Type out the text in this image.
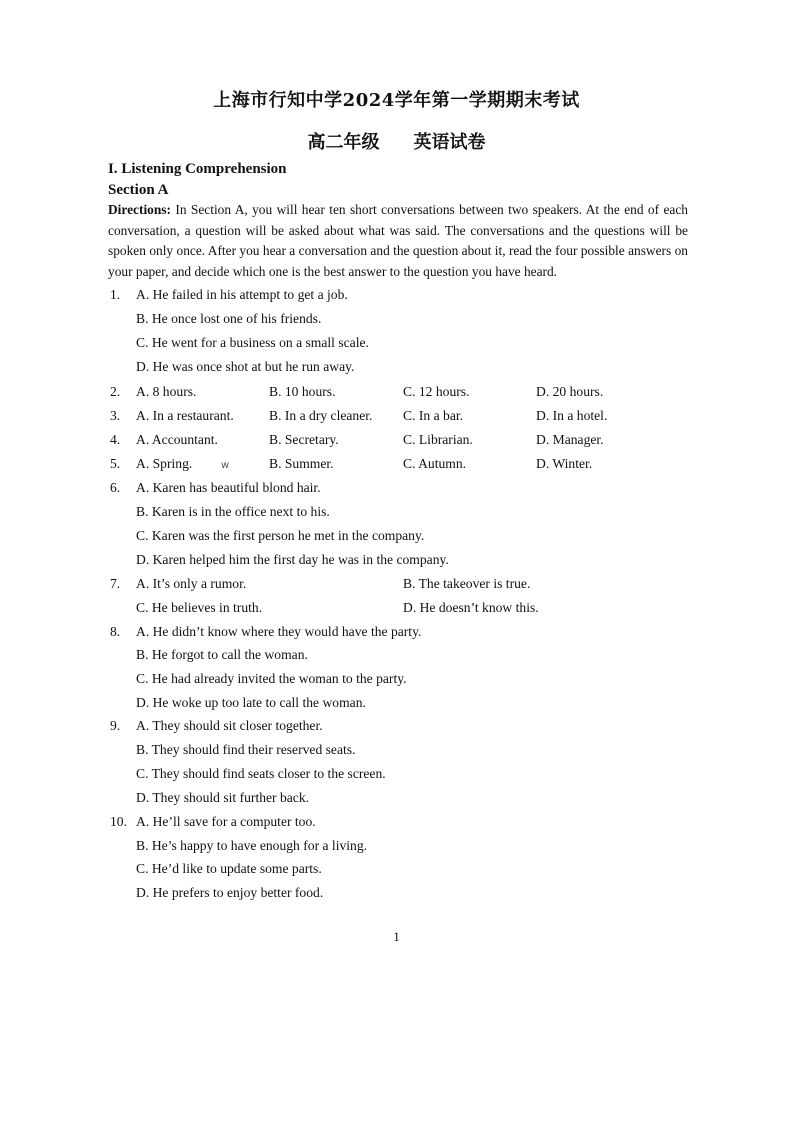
上海市行知中学2024学年第一学期期末考试
高二年级 英语试卷
I. Listening Comprehension
Section A
Directions: In Section A, you will hear ten short conversations between two speakers. At the end of each conversation, a question will be asked about what was said. The conversations and the questions will be spoken only once. After you hear a conversation and the question about it, read the four possible answers on your paper, and decide which one is the best answer to the question you have heard.
1. A. He failed in his attempt to get a job.
B. He once lost one of his friends.
C. He went for a business on a small scale.
D. He was once shot at but he run away.
2. A. 8 hours.	B. 10 hours.	C. 12 hours.	D. 20 hours.
3. A. In a restaurant.	B. In a dry cleaner. C. In a bar.	D. In a hotel.
4. A. Accountant.	B. Secretary.	C. Librarian.	D. Manager.
5. A. Spring.	w	B. Summer.	C. Autumn.	D. Winter.
6. A. Karen has beautiful blond hair.
B. Karen is in the office next to his.
C. Karen was the first person he met in the company.
D. Karen helped him the first day he was in the company.
7. A. It’s only a rumor.	B. The takeover is true.
C. He believes in truth.	D. He doesn’t know this.
8. A. He didn’t know where they would have the party.
B. He forgot to call the woman.
C. He had already invited the woman to the party.
D. He woke up too late to call the woman.
9. A. They should sit closer together.
B. They should find their reserved seats.
C. They should find seats closer to the screen.
D. They should sit further back.
10. A. He’ll save for a computer too.
B. He’s happy to have enough for a living.
C. He’d like to update some parts.
D. He prefers to enjoy better food.
1
